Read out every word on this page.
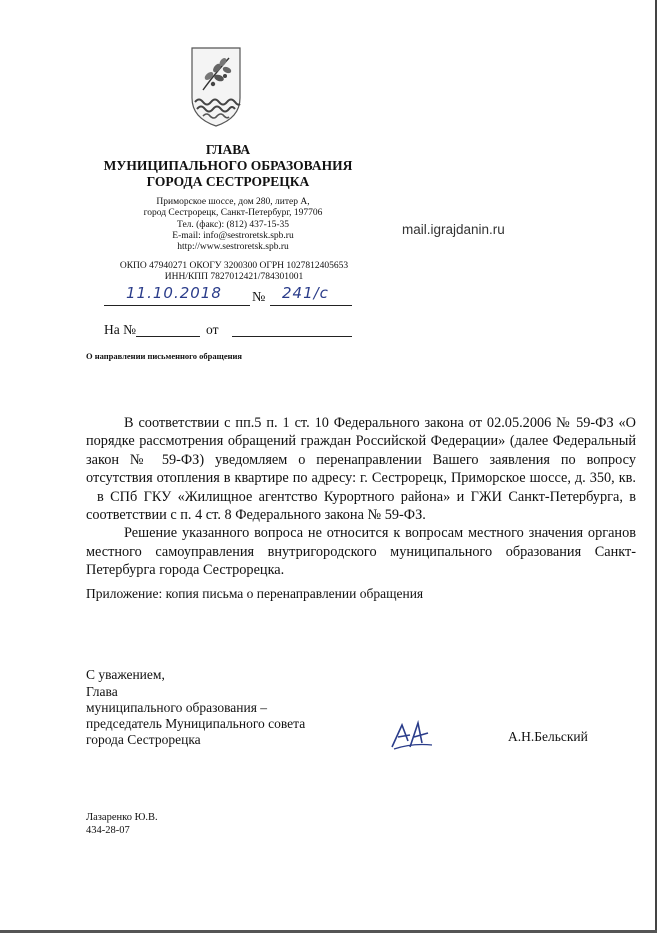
ГЛАВА
МУНИЦИПАЛЬНОГО ОБРАЗОВАНИЯ
ГОРОДА СЕСТРОРЕЦКА
Приморское шоссе, дом 280, литер А,
город Сестрорецк, Санкт-Петербург, 197706
Тел. (факс): (812) 437-15-35
E-mail: info@sestroretsk.spb.ru
http://www.sestroretsk.spb.ru
ОКПО 47940271 ОКОГУ 3200300 ОГРН 1027812405653
ИНН/КПП 7827012421/784301001
mail.igrajdanin.ru
11.10.2018 № 241/с
На №	от
О направлении письменного обращения
В соответствии с пп.5 п. 1 ст. 10 Федерального закона от 02.05.2006 № 59-ФЗ «О
порядке рассмотрения обращений граждан Российской Федерации» (далее Федеральный
закон № 59-ФЗ) уведомляем о перенаправлении Вашего заявления по вопросу
отсутствия отопления в квартире по адресу: г. Сестрорецк, Приморское шоссе, д. 350, кв.
в СПб ГКУ «Жилищное агентство Курортного района» и ГЖИ Санкт-Петербурга, в
соответствии с п. 4 ст. 8 Федерального закона № 59-ФЗ.
Решение указанного вопроса не относится к вопросам местного значения органов
местного самоуправления внутригородского муниципального образования Санкт-
Петербурга города Сестрорецка.
Приложение: копия письма о перенаправлении обращения
С уважением,
Глава
муниципального образования –
председатель Муниципального совета
города Сестрорецка	А.Н.Бельский
Лазаренко Ю.В.
434-28-07
